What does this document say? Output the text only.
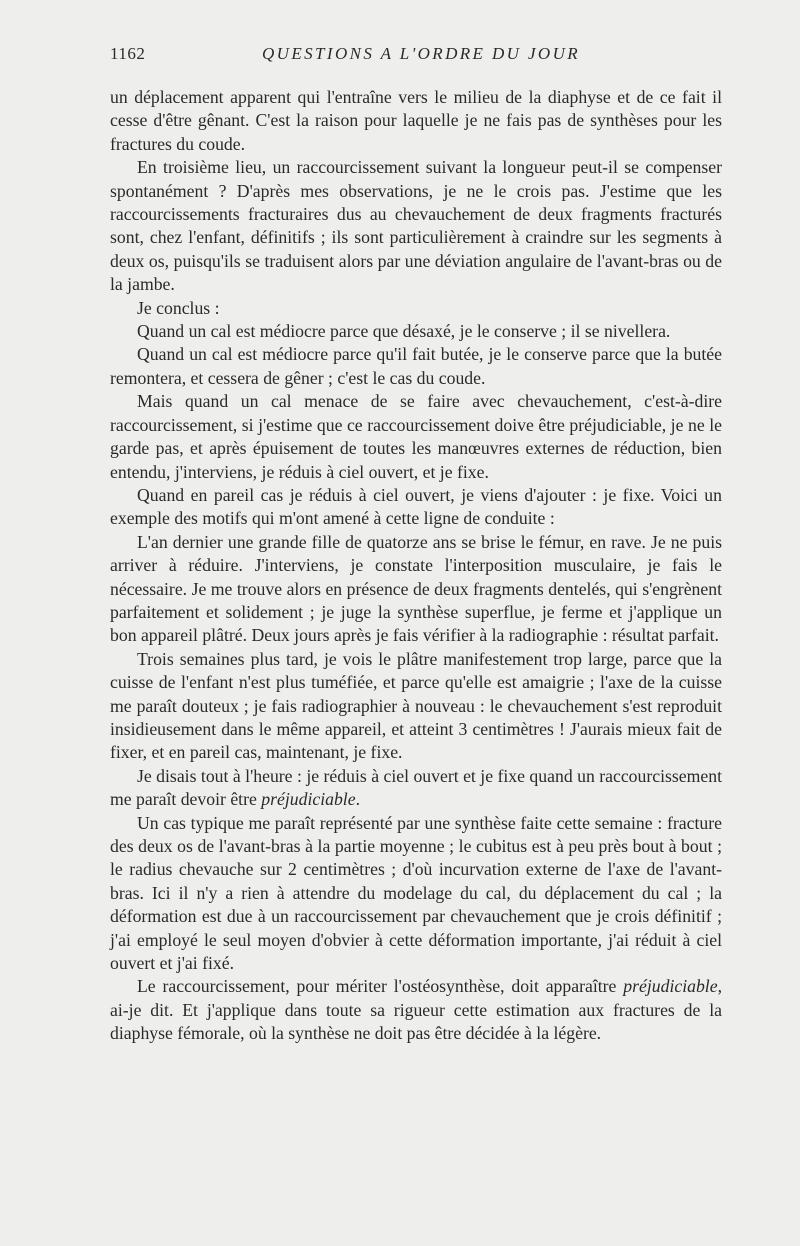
1162	QUESTIONS A L'ORDRE DU JOUR

un déplacement apparent qui l'entraîne vers le milieu de la diaphyse et de ce fait il cesse d'être gênant. C'est la raison pour laquelle je ne fais pas de synthèses pour les fractures du coude.

En troisième lieu, un raccourcissement suivant la longueur peut-il se compenser spontanément ? D'après mes observations, je ne le crois pas. J'estime que les raccourcissements fracturaires dus au chevauchement de deux fragments fracturés sont, chez l'enfant, définitifs ; ils sont particulièrement à craindre sur les segments à deux os, puisqu'ils se traduisent alors par une déviation angulaire de l'avant-bras ou de la jambe.

Je conclus :

Quand un cal est médiocre parce que désaxé, je le conserve ; il se nivellera.

Quand un cal est médiocre parce qu'il fait butée, je le conserve parce que la butée remontera, et cessera de gêner ; c'est le cas du coude.

Mais quand un cal menace de se faire avec chevauchement, c'est-à-dire raccourcissement, si j'estime que ce raccourcissement doive être préjudiciable, je ne le garde pas, et après épuisement de toutes les manœuvres externes de réduction, bien entendu, j'interviens, je réduis à ciel ouvert, et je fixe.

Quand en pareil cas je réduis à ciel ouvert, je viens d'ajouter : je fixe. Voici un exemple des motifs qui m'ont amené à cette ligne de conduite :

L'an dernier une grande fille de quatorze ans se brise le fémur, en rave. Je ne puis arriver à réduire. J'interviens, je constate l'interposition musculaire, je fais le nécessaire. Je me trouve alors en présence de deux fragments dentelés, qui s'engrènent parfaitement et solidement ; je juge la synthèse superflue, je ferme et j'applique un bon appareil plâtré. Deux jours après je fais vérifier à la radiographie : résultat parfait.

Trois semaines plus tard, je vois le plâtre manifestement trop large, parce que la cuisse de l'enfant n'est plus tuméfiée, et parce qu'elle est amaigrie ; l'axe de la cuisse me paraît douteux ; je fais radiographier à nouveau : le chevauchement s'est reproduit insidieusement dans le même appareil, et atteint 3 centimètres ! J'aurais mieux fait de fixer, et en pareil cas, maintenant, je fixe.

Je disais tout à l'heure : je réduis à ciel ouvert et je fixe quand un raccourcissement me paraît devoir être préjudiciable.

Un cas typique me paraît représenté par une synthèse faite cette semaine : fracture des deux os de l'avant-bras à la partie moyenne ; le cubitus est à peu près bout à bout ; le radius chevauche sur 2 centimètres ; d'où incurvation externe de l'axe de l'avant-bras. Ici il n'y a rien à attendre du modelage du cal, du déplacement du cal ; la déformation est due à un raccourcissement par chevauchement que je crois définitif ; j'ai employé le seul moyen d'obvier à cette déformation importante, j'ai réduit à ciel ouvert et j'ai fixé.

Le raccourcissement, pour mériter l'ostéosynthèse, doit apparaître préjudiciable, ai-je dit. Et j'applique dans toute sa rigueur cette estimation aux fractures de la diaphyse fémorale, où la synthèse ne doit pas être décidée à la légère.
